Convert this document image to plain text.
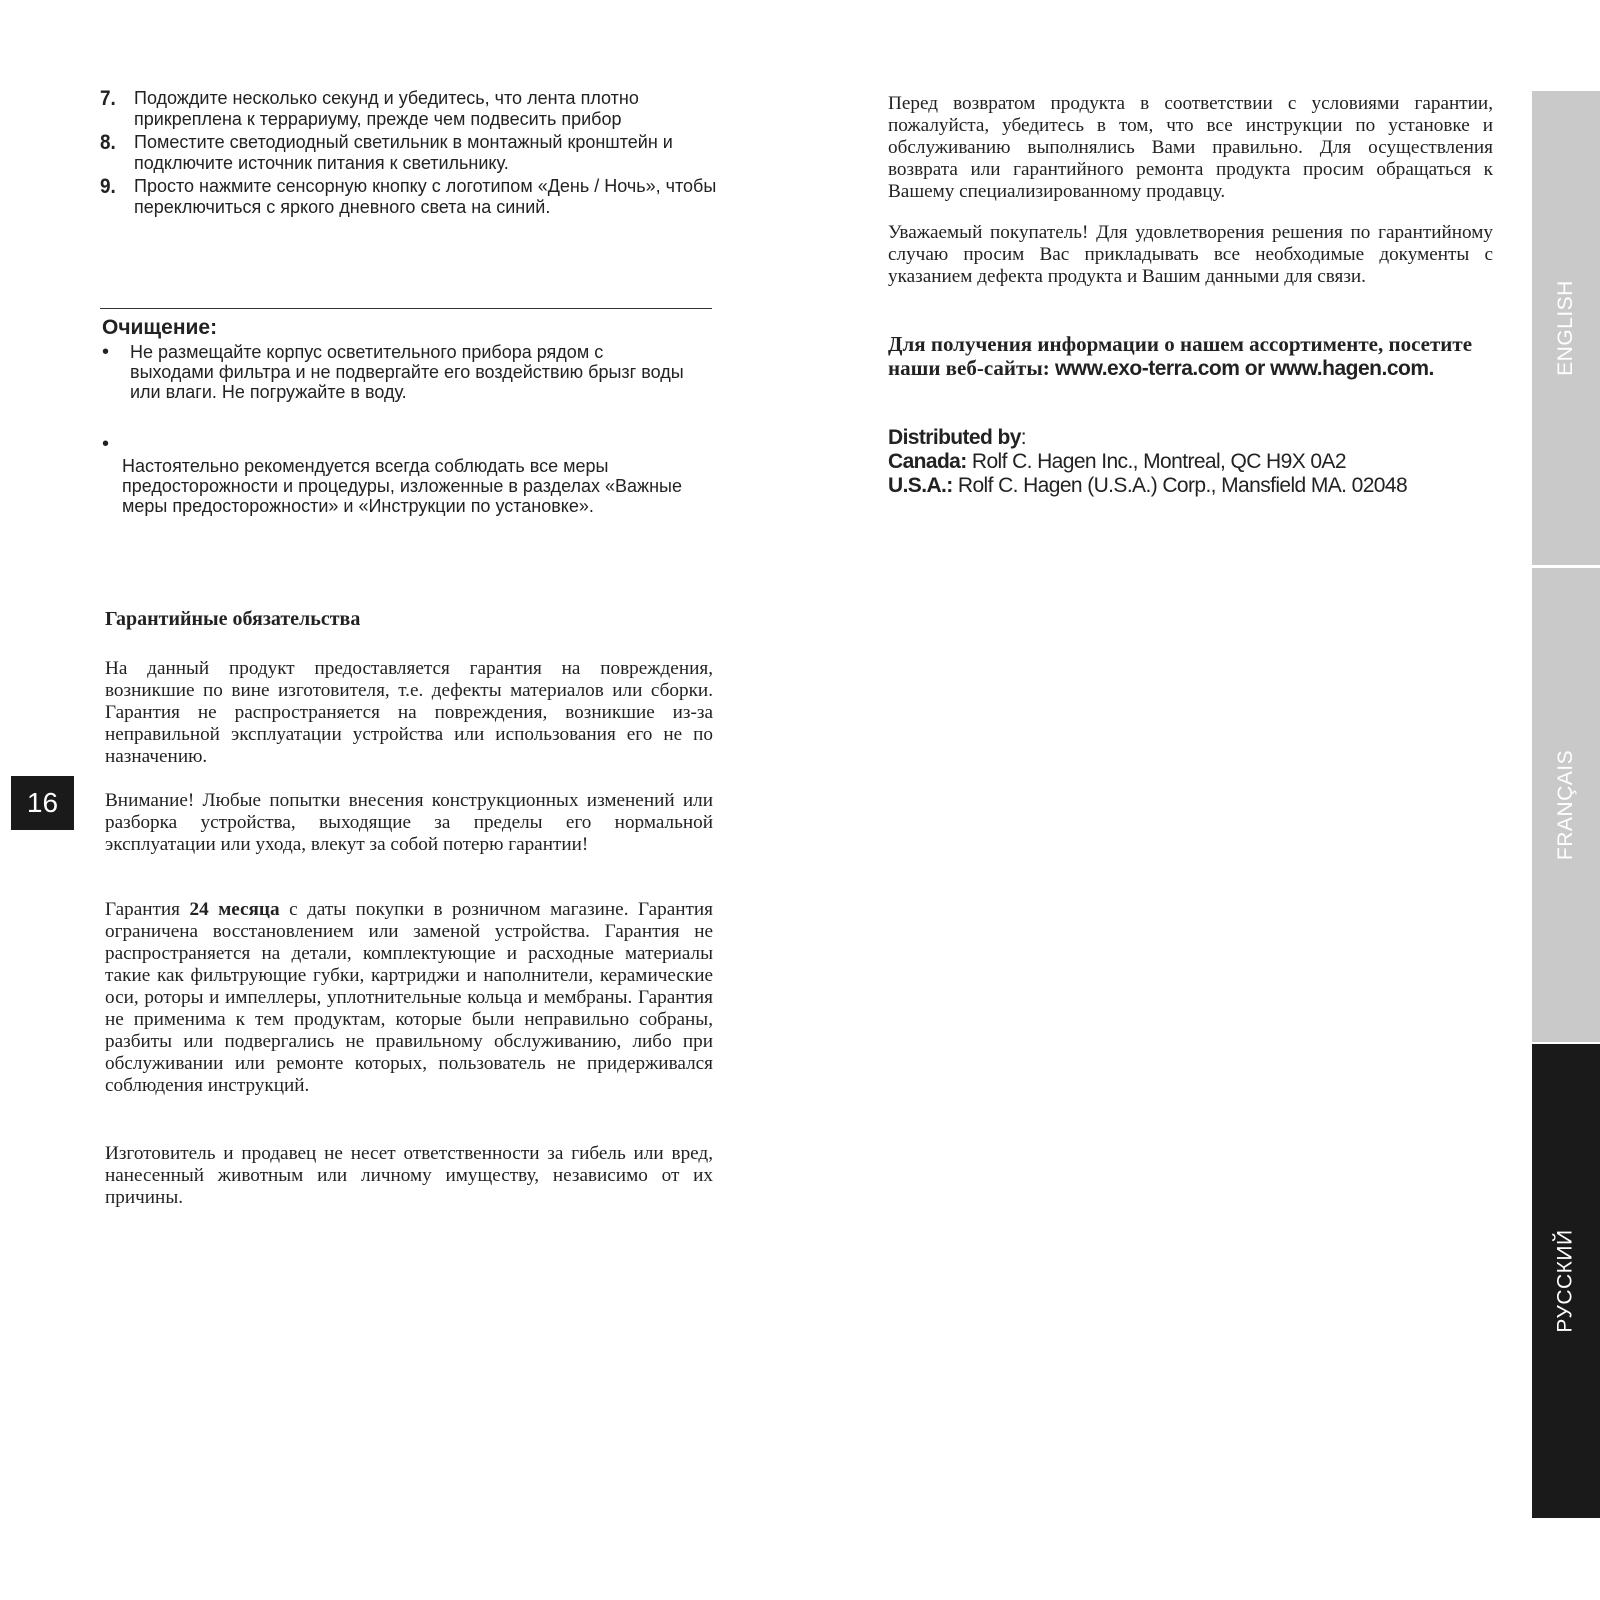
7.	Подождите несколько секунд и убедитесь, что лента плотно прикреплена к террариуму, прежде чем подвесить прибор
8.	Поместите светодиодный светильник в монтажный кронштейн и подключите источник питания к светильнику.
9.	Просто нажмите сенсорную кнопку с логотипом «День / Ночь», чтобы переключиться с яркого дневного света на синий.
Очищение:
• Не размещайте корпус осветительного прибора рядом с выходами фильтра и не подвергайте его воздействию брызг воды или влаги. Не погружайте в воду.
•
Настоятельно рекомендуется всегда соблюдать все меры предосторожности и процедуры, изложенные в разделах «Важные меры предосторожности» и «Инструкции по установке».
Гарантийные обязательства
На данный продукт предоставляется гарантия на повреждения, возникшие по вине изготовителя, т.е. дефекты материалов или сборки. Гарантия не распространяется на повреждения, возникшие из-за неправильной эксплуатации устройства или использования его не по назначению.
Внимание! Любые попытки внесения конструкционных изменений или разборка устройства, выходящие за пределы его нормальной эксплуатации или ухода, влекут за собой потерю гарантии!
Гарантия 24 месяца с даты покупки в розничном магазине. Гарантия ограничена восстановлением или заменой устройства. Гарантия не распространяется на детали, комплектующие и расходные материалы такие как фильтрующие губки, картриджи и наполнители, керамические оси, роторы и импеллеры, уплотнительные кольца и мембраны. Гарантия не применима к тем продуктам, которые были неправильно собраны, разбиты или подвергались не правильному обслуживанию, либо при обслуживании или ремонте которых, пользователь не придерживался соблюдения инструкций.
Изготовитель и продавец не несет ответственности за гибель или вред, нанесенный животным или личному имуществу, независимо от их причины.
Перед возвратом продукта в соответствии с условиями гарантии, пожалуйста, убедитесь в том, что все инструкции по установке и обслуживанию выполнялись Вами правильно. Для осуществления возврата или гарантийного ремонта продукта просим обращаться к Вашему специализированному продавцу.
Уважаемый покупатель! Для удовлетворения решения по гарантийному случаю просим Вас прикладывать все необходимые документы с указанием дефекта продукта и Вашим данными для связи.
Для получения информации о нашем ассортименте, посетите наши веб-сайты: www.exo-terra.com or www.hagen.com.
Distributed by:
Canada: Rolf C. Hagen Inc., Montreal, QC H9X 0A2
U.S.A.: Rolf C. Hagen (U.S.A.) Corp., Mansfield MA. 02048
16
ENGLISH
FRANÇAIS
РУССКИЙ
